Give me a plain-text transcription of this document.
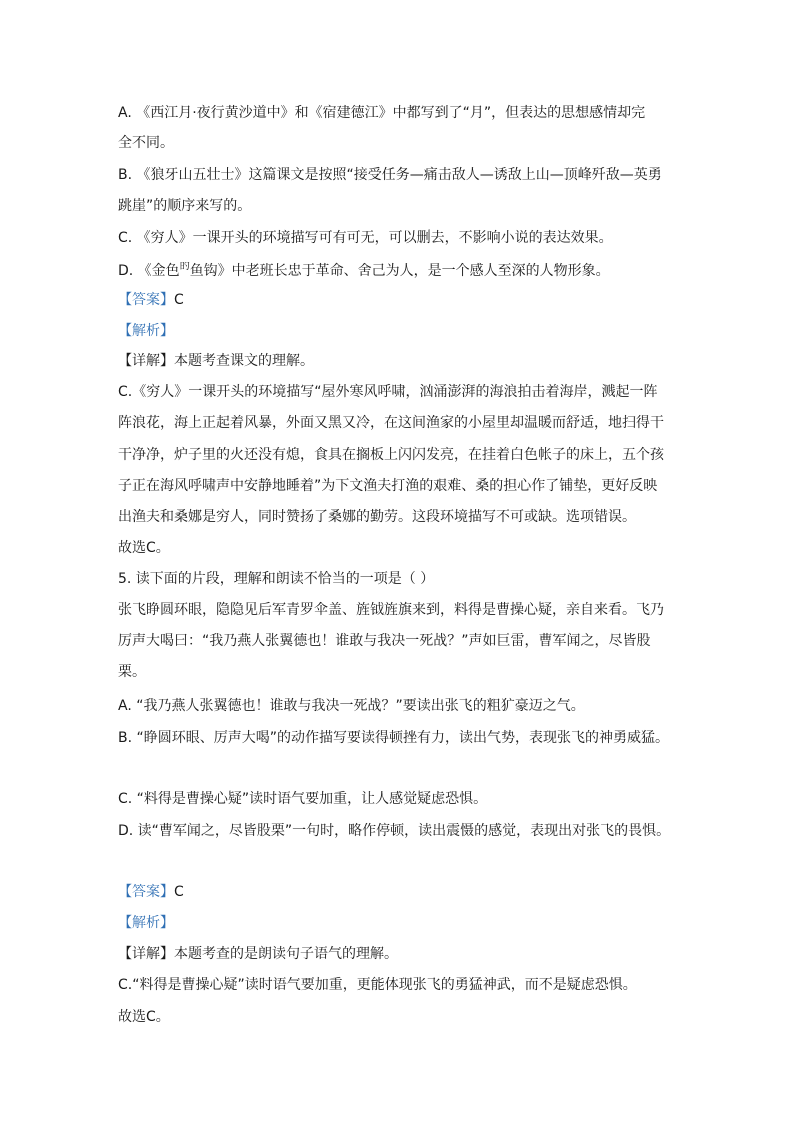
A. 《西江月·夜行黄沙道中》和《宿建德江》中都写到了“月”，但表达的思想感情却完
全不同。
B. 《狼牙山五壮士》这篇课文是按照“接受任务—痛击敌人—诱敌上山—顶峰歼敌—英勇
跳崖”的顺序来写的。
C. 《穷人》一课开头的环境描写可有可无，可以删去，不影响小说的表达效果。
D. 《金色$^的$鱼钩》中老班长忠于革命、舍己为人，是一个感人至深的人物形象。
【答案】C
【解析】
【详解】本题考查课文的理解。
C.《穷人》一课开头的环境描写“屋外寒风呼啸，汹涌澎湃的海浪拍击着海岸，溅起一阵
阵浪花，海上正起着风暴，外面又黑又冷，在这间渔家的小屋里却温暖而舒适，地扫得干
干净净，炉子里的火还没有熄，食具在搁板上闪闪发亮，在挂着白色帐子的床上，五个孩
子正在海风呼啸声中安静地睡着”为下文渔夫打渔的艰难、桑的担心作了铺垫，更好反映
出渔夫和桑娜是穷人，同时赞扬了桑娜的勤劳。这段环境描写不可或缺。选项错误。
故选C。
5. 读下面的片段，理解和朗读不恰当的一项是（ ）
张飞睁圆环眼，隐隐见后军青罗伞盖、旌钺旌旗来到，料得是曹操心疑，亲自来看。飞乃
厉声大喝曰：“我乃燕人张翼德也！谁敢与我决一死战？”声如巨雷，曹军闻之，尽皆股
栗。
A. “我乃燕人张翼德也！谁敢与我决一死战？”要读出张飞的粗犷豪迈之气。
B. “睁圆环眼、厉声大喝”的动作描写要读得顿挫有力，读出气势，表现张飞的神勇威猛。
C. “料得是曹操心疑”读时语气要加重，让人感觉疑虑恐惧。
D. 读“曹军闻之，尽皆股栗”一句时，略作停顿，读出震慑的感觉，表现出对张飞的畏惧。
【答案】C
【解析】
【详解】本题考查的是朗读句子语气的理解。
C.“料得是曹操心疑”读时语气要加重，更能体现张飞的勇猛神武，而不是疑虑恐惧。
故选C。
